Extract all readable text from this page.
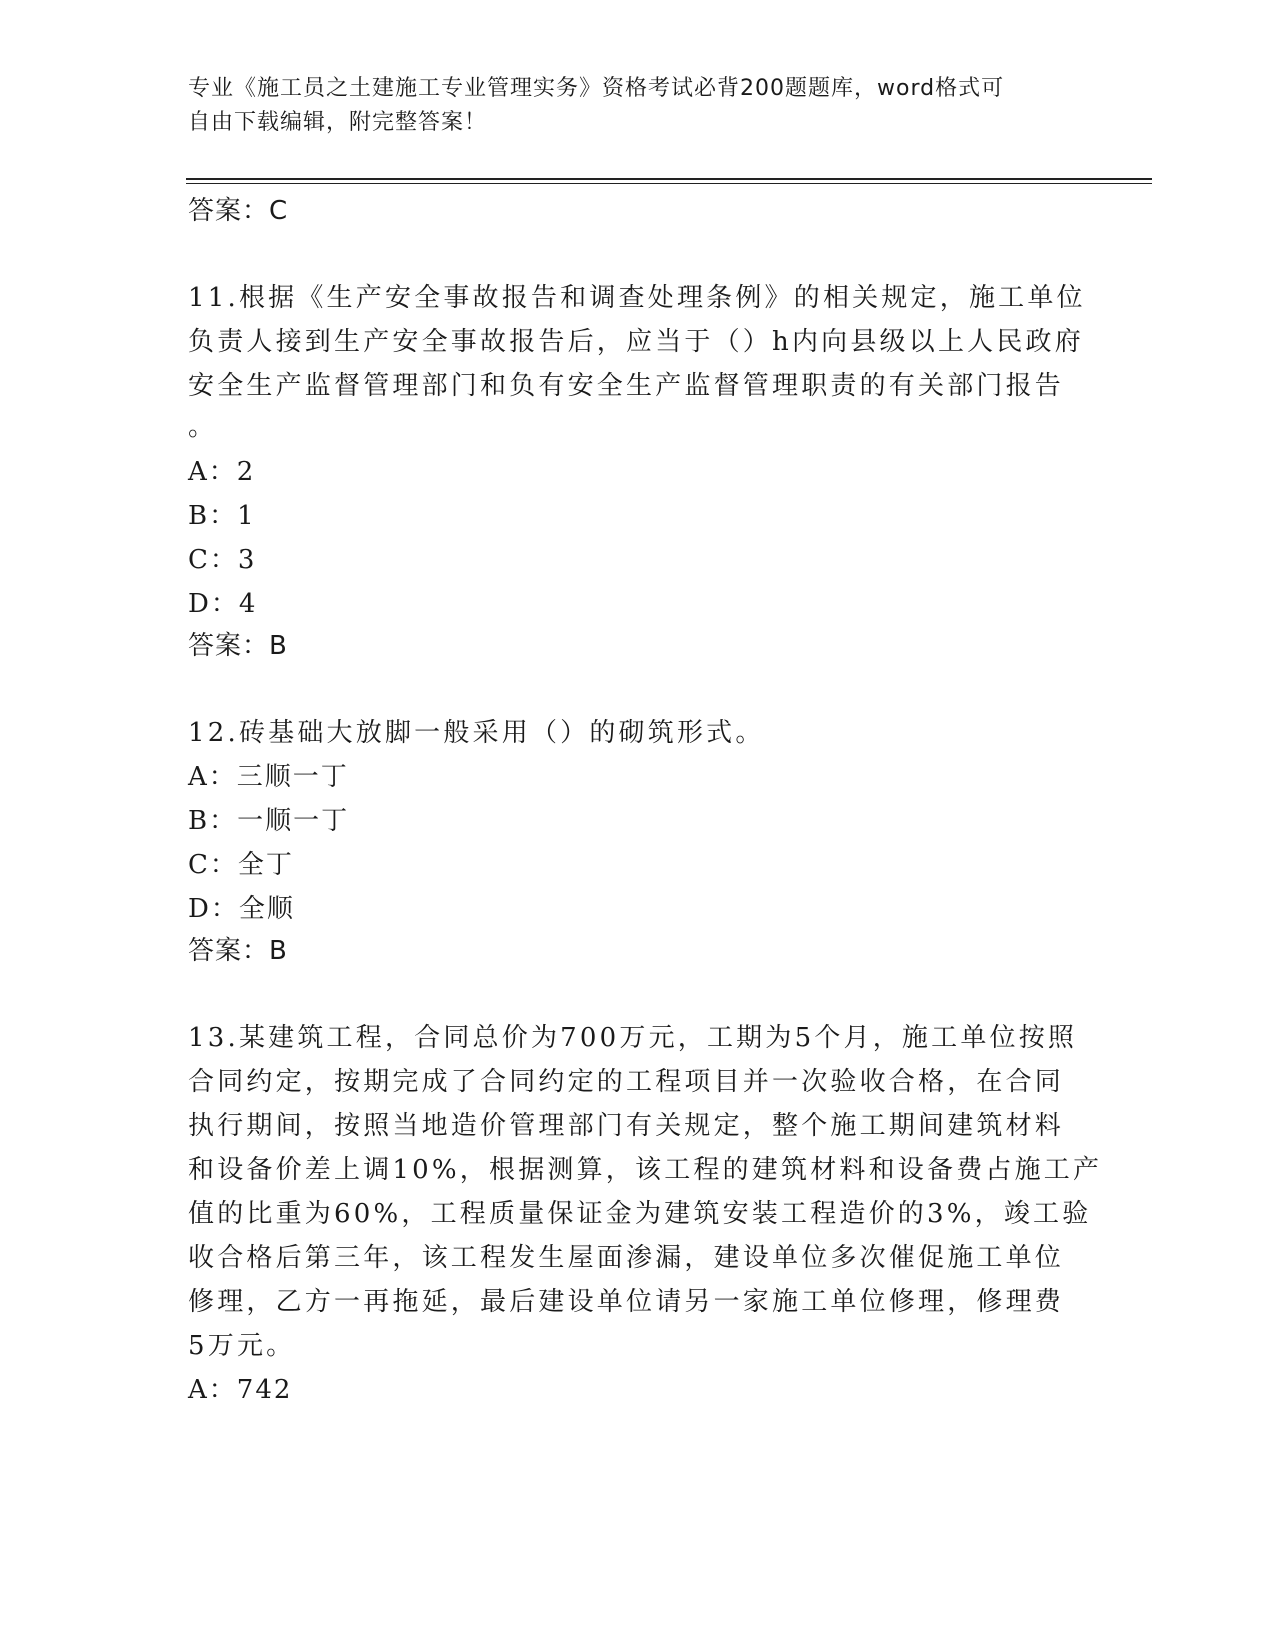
专业《施工员之土建施工专业管理实务》资格考试必背200题题库，word格式可
自由下载编辑，附完整答案！
答案：C
11.根据《生产安全事故报告和调查处理条例》的相关规定，施工单位
负责人接到生产安全事故报告后，应当于（）h内向县级以上人民政府
安全生产监督管理部门和负有安全生产监督管理职责的有关部门报告
。
A：2
B：1
C：3
D：4
答案：B
12.砖基础大放脚一般采用（）的砌筑形式。
A：三顺一丁
B：一顺一丁
C：全丁
D：全顺
答案：B
13.某建筑工程，合同总价为700万元，工期为5个月，施工单位按照
合同约定，按期完成了合同约定的工程项目并一次验收合格，在合同
执行期间，按照当地造价管理部门有关规定，整个施工期间建筑材料
和设备价差上调10%，根据测算，该工程的建筑材料和设备费占施工产
值的比重为60%，工程质量保证金为建筑安装工程造价的3%，竣工验
收合格后第三年，该工程发生屋面渗漏，建设单位多次催促施工单位
修理，乙方一再拖延，最后建设单位请另一家施工单位修理，修理费
5万元。
A：742
